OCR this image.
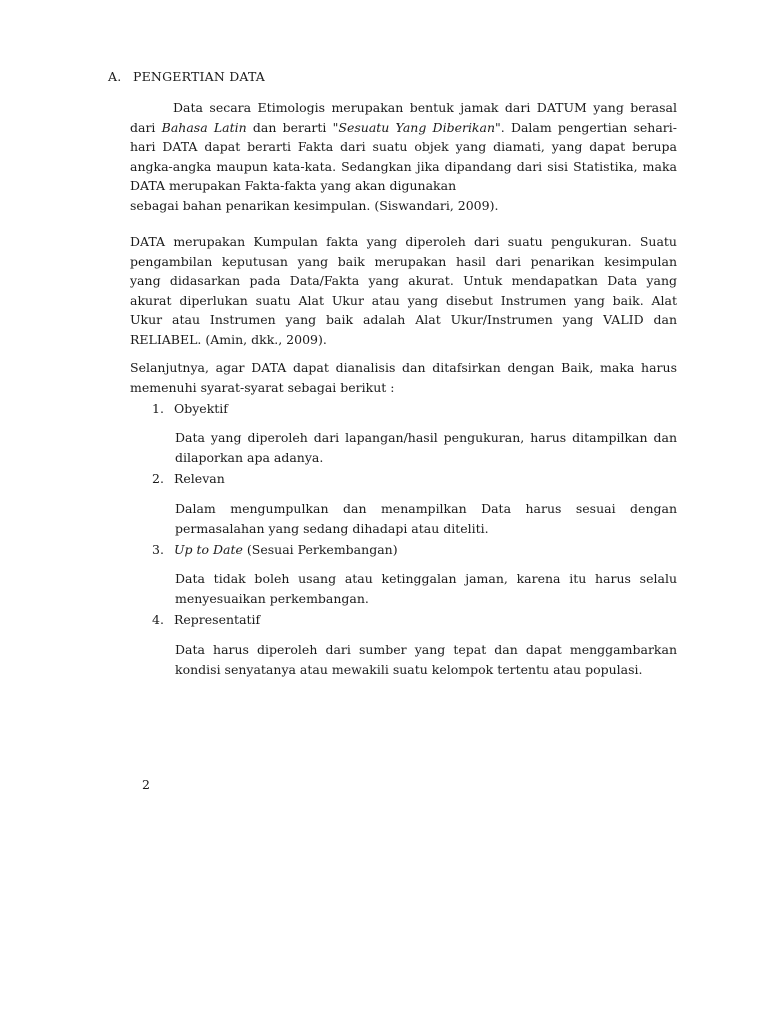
A. PENGERTIAN DATA
Data secara Etimologis merupakan bentuk jamak dari DATUM yang berasal
dari Bahasa Latin dan berarti "Sesuatu Yang Diberikan". Dalam pengertian sehari-
hari DATA dapat berarti Fakta dari suatu objek yang diamati, yang dapat berupa
angka-angka maupun kata-kata. Sedangkan jika dipandang dari sisi Statistika, maka
DATA merupakan Fakta-fakta yang akan digunakan
sebagai bahan penarikan kesimpulan. (Siswandari, 2009).
DATA merupakan Kumpulan fakta yang diperoleh dari suatu pengukuran. Suatu
pengambilan keputusan yang baik merupakan hasil dari penarikan kesimpulan
yang didasarkan pada Data/Fakta yang akurat. Untuk mendapatkan Data yang
akurat diperlukan suatu Alat Ukur atau yang disebut Instrumen yang baik. Alat
Ukur atau Instrumen yang baik adalah Alat Ukur/Instrumen yang VALID dan
RELIABEL. (Amin, dkk., 2009).
Selanjutnya, agar DATA dapat dianalisis dan ditafsirkan dengan Baik, maka harus
memenuhi syarat-syarat sebagai berikut :
1. Obyektif
Data yang diperoleh dari lapangan/hasil pengukuran, harus ditampilkan dan
dilaporkan apa adanya.
2. Relevan
Dalam mengumpulkan dan menampilkan Data harus sesuai dengan
permasalahan yang sedang dihadapi atau diteliti.
3. Up to Date (Sesuai Perkembangan)
Data tidak boleh usang atau ketinggalan jaman, karena itu harus selalu
menyesuaikan perkembangan.
4. Representatif
Data harus diperoleh dari sumber yang tepat dan dapat menggambarkan
kondisi senyatanya atau mewakili suatu kelompok tertentu atau populasi.
2
